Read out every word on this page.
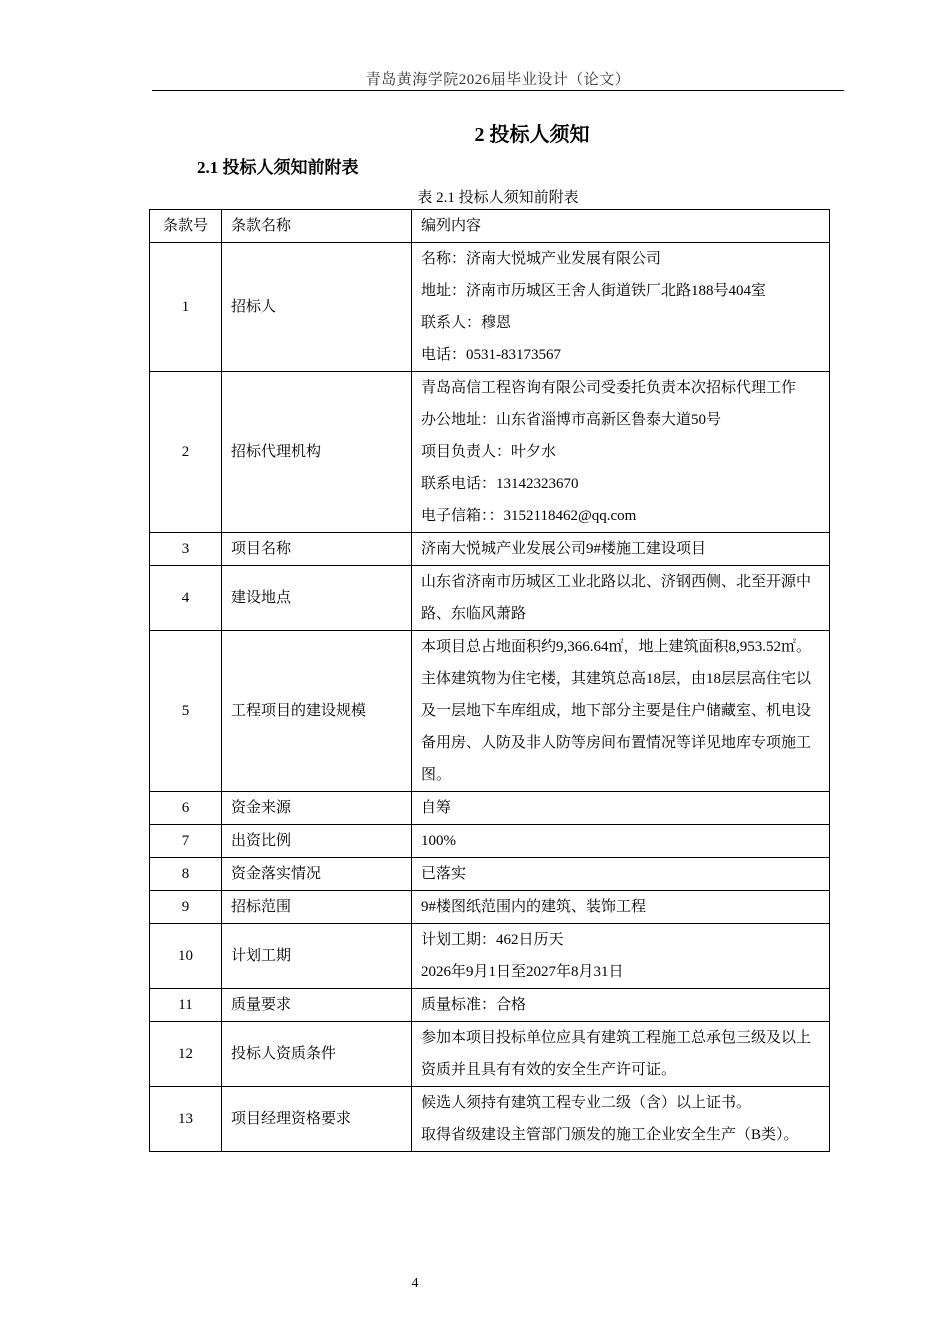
青岛黄海学院2026届毕业设计（论文）
2 投标人须知
2.1 投标人须知前附表
表 2.1 投标人须知前附表
条款号	条款名称	编列内容
1	招标人	名称：济南大悦城产业发展有限公司
地址：济南市历城区王舍人街道铁厂北路188号404室
联系人：穆恩
电话：0531-83173567

2	招标代理机构	青岛高信工程咨询有限公司受委托负责本次招标代理工作
办公地址：山东省淄博市高新区鲁泰大道50号
项目负责人：叶夕水
联系电话：13142323670
电子信箱：：3152118462@qq.com

3	项目名称	济南大悦城产业发展公司9#楼施工建设项目

4	建设地点	山东省济南市历城区工业北路以北、济钢西侧、北至开源中路、东临风萧路

5	工程项目的建设规模	本项目总占地面积约9,366.64㎡，地上建筑面积8,953.52㎡。主体建筑物为住宅楼，其建筑总高18层，由18层层高住宅以及一层地下车库组成，地下部分主要是住户储藏室、机电设备用房、人防及非人防等房间布置情况等详见地库专项施工图。

6	资金来源	自筹

7	出资比例	100%

8	资金落实情况	已落实

9	招标范围	9#楼图纸范围内的建筑、装饰工程

10	计划工期	计划工期：462日历天
2026年9月1日至2027年8月31日

11	质量要求	质量标准：合格

12	投标人资质条件	参加本项目投标单位应具有建筑工程施工总承包三级及以上资质并且具有有效的安全生产许可证。

13	项目经理资格要求	候选人须持有建筑工程专业二级（含）以上证书。
取得省级建设主管部门颁发的施工企业安全生产（B类）。
4
